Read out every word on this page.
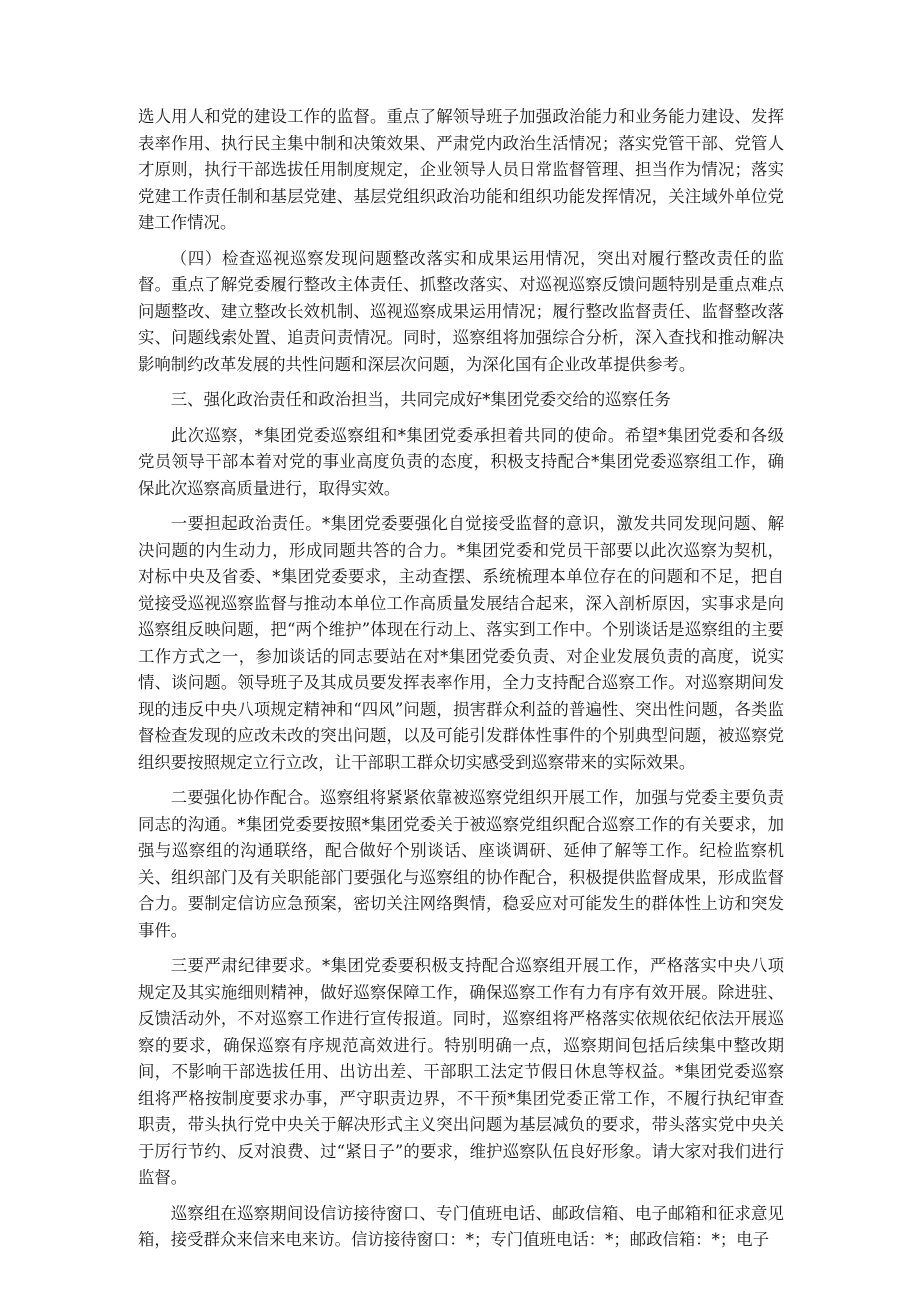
选人用人和党的建设工作的监督。重点了解领导班子加强政治能力和业务能力建设、发挥表率作用、执行民主集中制和决策效果、严肃党内政治生活情况；落实党管干部、党管人才原则，执行干部选拔任用制度规定，企业领导人员日常监督管理、担当作为情况；落实党建工作责任制和基层党建、基层党组织政治功能和组织功能发挥情况，关注域外单位党建工作情况。

（四）检查巡视巡察发现问题整改落实和成果运用情况，突出对履行整改责任的监督。重点了解党委履行整改主体责任、抓整改落实、对巡视巡察反馈问题特别是重点难点问题整改、建立整改长效机制、巡视巡察成果运用情况；履行整改监督责任、监督整改落实、问题线索处置、追责问责情况。同时，巡察组将加强综合分析，深入查找和推动解决影响制约改革发展的共性问题和深层次问题，为深化国有企业改革提供参考。

三、强化政治责任和政治担当，共同完成好*集团党委交给的巡察任务

此次巡察，*集团党委巡察组和*集团党委承担着共同的使命。希望*集团党委和各级党员领导干部本着对党的事业高度负责的态度，积极支持配合*集团党委巡察组工作，确保此次巡察高质量进行，取得实效。

一要担起政治责任。*集团党委要强化自觉接受监督的意识，激发共同发现问题、解决问题的内生动力，形成同题共答的合力。*集团党委和党员干部要以此次巡察为契机，对标中央及省委、*集团党委要求，主动查摆、系统梳理本单位存在的问题和不足，把自觉接受巡视巡察监督与推动本单位工作高质量发展结合起来，深入剖析原因，实事求是向巡察组反映问题，把“两个维护”体现在行动上、落实到工作中。个别谈话是巡察组的主要工作方式之一，参加谈话的同志要站在对*集团党委负责、对企业发展负责的高度，说实情、谈问题。领导班子及其成员要发挥表率作用，全力支持配合巡察工作。对巡察期间发现的违反中央八项规定精神和“四风”问题，损害群众利益的普遍性、突出性问题，各类监督检查发现的应改未改的突出问题，以及可能引发群体性事件的个别典型问题，被巡察党组织要按照规定立行立改，让干部职工群众切实感受到巡察带来的实际效果。

二要强化协作配合。巡察组将紧紧依靠被巡察党组织开展工作，加强与党委主要负责同志的沟通。*集团党委要按照*集团党委关于被巡察党组织配合巡察工作的有关要求，加强与巡察组的沟通联络，配合做好个别谈话、座谈调研、延伸了解等工作。纪检监察机关、组织部门及有关职能部门要强化与巡察组的协作配合，积极提供监督成果，形成监督合力。要制定信访应急预案，密切关注网络舆情，稳妥应对可能发生的群体性上访和突发事件。

三要严肃纪律要求。*集团党委要积极支持配合巡察组开展工作，严格落实中央八项规定及其实施细则精神，做好巡察保障工作，确保巡察工作有力有序有效开展。除进驻、反馈活动外，不对巡察工作进行宣传报道。同时，巡察组将严格落实依规依纪依法开展巡察的要求，确保巡察有序规范高效进行。特别明确一点，巡察期间包括后续集中整改期间，不影响干部选拔任用、出访出差、干部职工法定节假日休息等权益。*集团党委巡察组将严格按制度要求办事，严守职责边界，不干预*集团党委正常工作，不履行执纪审查职责，带头执行党中央关于解决形式主义突出问题为基层减负的要求，带头落实党中央关于厉行节约、反对浪费、过“紧日子”的要求，维护巡察队伍良好形象。请大家对我们进行监督。

巡察组在巡察期间设信访接待窗口、专门值班电话、邮政信箱、电子邮箱和征求意见箱，接受群众来信来电来访。信访接待窗口：*；专门值班电话：*；邮政信箱：*；电子
